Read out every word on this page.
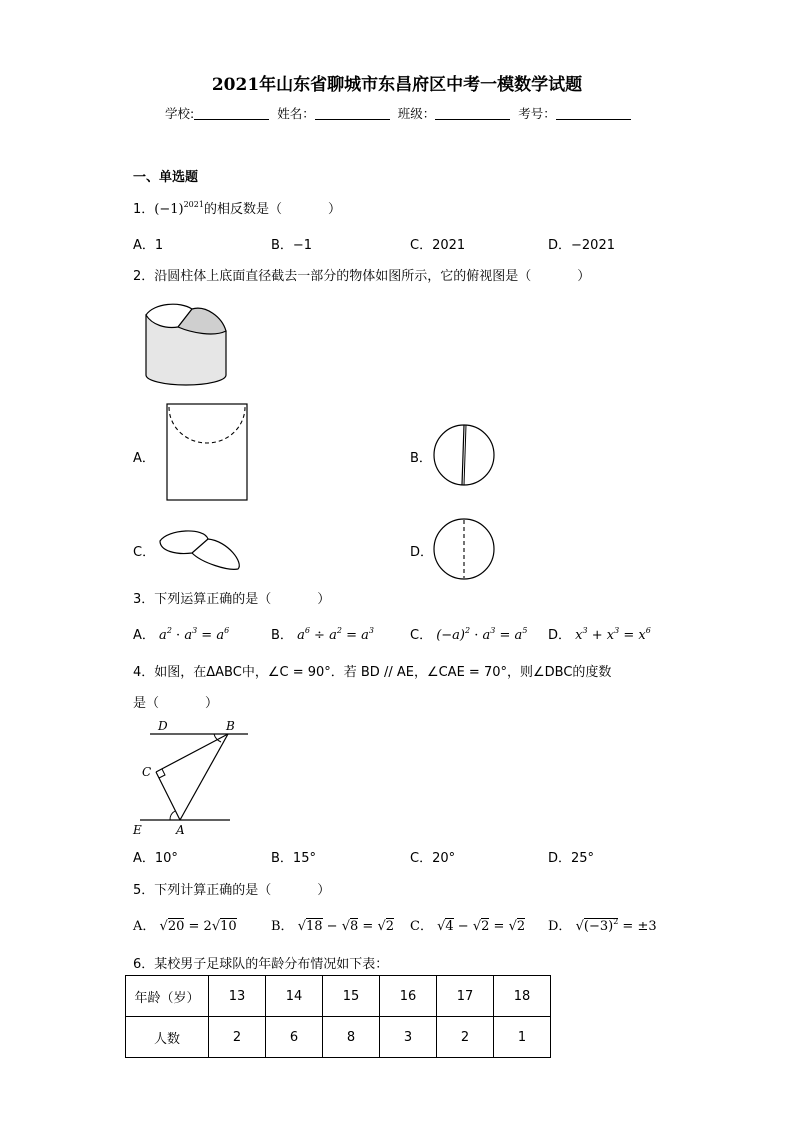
2021年山东省聊城市东昌府区中考一模数学试题
学校:	姓名：	班级：	考号：
一、单选题
1．$(-1)^{2021}$的相反数是（	）
A．1	B．−1	C．2021	D．−2021
2．沿圆柱体上底面直径截去一部分的物体如图所示，它的俯视图是（	）
A．	B．
C．	D．
3．下列运算正确的是（	）
A． $a^2 \cdot a^3 = a^6$	B． $a^6 \div a^2 = a^3$	C． $(-a)^2 \cdot a^3 = a^5$ D． $x^3 + x^3 = x^6$
4．如图，在ΔABC中，∠C = 90°．若 BD // AE，∠CAE = 70°，则∠DBC的度数
是（	）
D	B
C
E	A
A．10°	B．15°	C．20°	D．25°
5．下列计算正确的是（	）
A． √20 = 2√10	B． √18 − √8 = √2 C． √4 − √2 = √2 D． $√(-3)^2 = \pm 3$
6．某校男子足球队的年龄分布情况如下表：
年龄（岁）	13	14	15	16	17	18
人数	2	6	8	3	2	1
